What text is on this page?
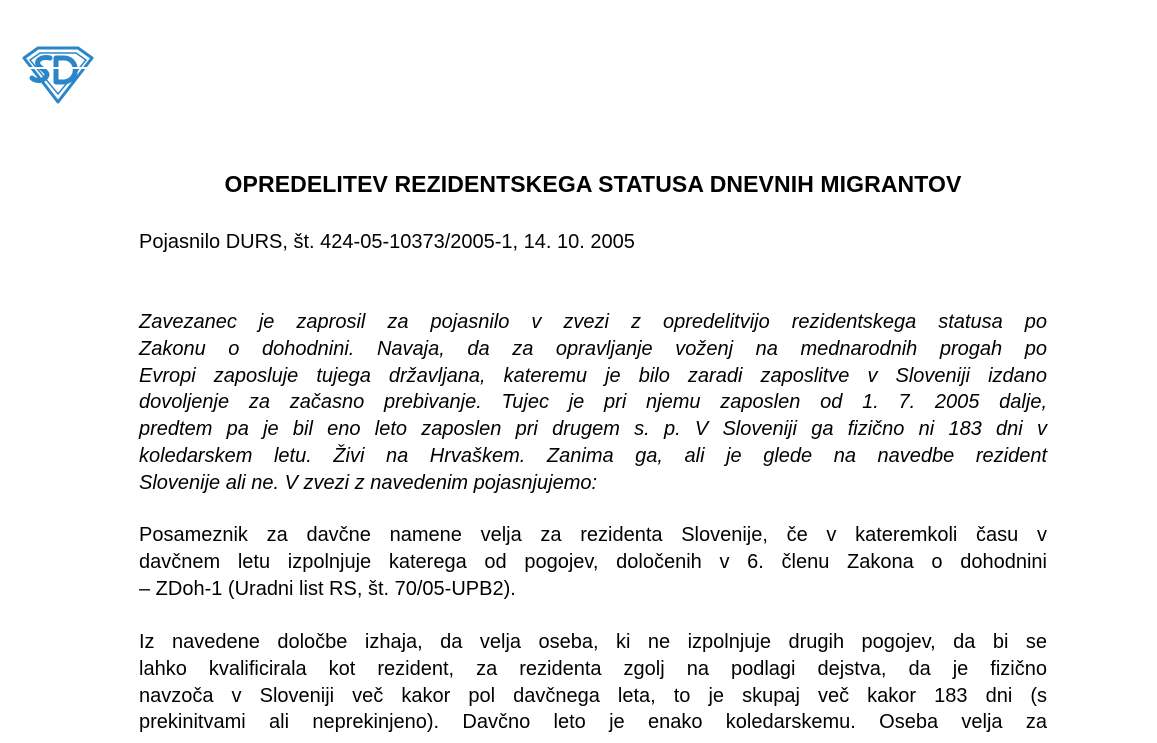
OPREDELITEV REZIDENTSKEGA STATUSA DNEVNIH MIGRANTOV

Pojasnilo DURS, št. 424-05-10373/2005-1, 14. 10. 2005

Zavezanec je zaprosil za pojasnilo v zvezi z opredelitvijo rezidentskega statusa po
Zakonu o dohodnini. Navaja, da za opravljanje voženj na mednarodnih progah po
Evropi zaposluje tujega državljana, kateremu je bilo zaradi zaposlitve v Sloveniji izdano
dovoljenje za začasno prebivanje. Tujec je pri njemu zaposlen od 1. 7. 2005 dalje,
predtem pa je bil eno leto zaposlen pri drugem s. p. V Sloveniji ga fizično ni 183 dni v
koledarskem letu. Živi na Hrvaškem. Zanima ga, ali je glede na navedbe rezident
Slovenije ali ne. V zvezi z navedenim pojasnjujemo:
Posameznik za davčne namene velja za rezidenta Slovenije, če v kateremkoli času v
davčnem letu izpolnjuje katerega od pogojev, določenih v 6. členu Zakona o dohodnini
– ZDoh-1 (Uradni list RS, št. 70/05-UPB2).
Iz navedene določbe izhaja, da velja oseba, ki ne izpolnjuje drugih pogojev, da bi se
lahko kvalificirala kot rezident, za rezidenta zgolj na podlagi dejstva, da je fizično
navzoča v Sloveniji več kakor pol davčnega leta, to je skupaj več kakor 183 dni (s
prekinitvami ali neprekinjeno). Davčno leto je enako koledarskemu. Oseba velja za
